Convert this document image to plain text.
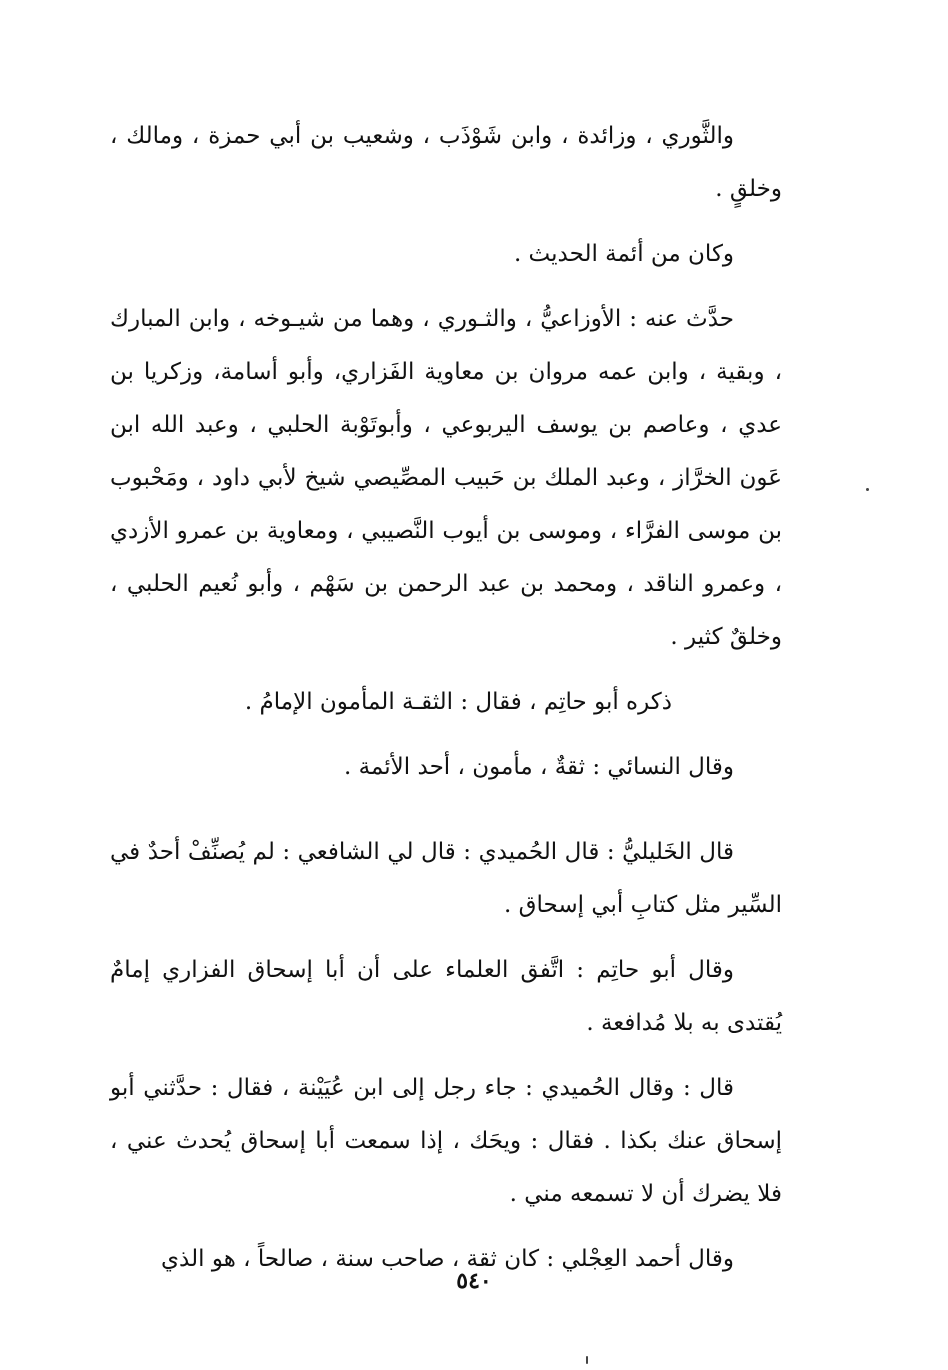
والثَّوري ، وزائدة ، وابن شَوْذَب ، وشعيب بن أبي حمزة ، ومالك ، وخلقٍ .

وكان من أئمة الحديث .

حدَّث عنه : الأوزاعيُّ ، والثـوري ، وهما من شيـوخه ، وابن المبارك ، وبقية ، وابن عمه مروان بن معاوية الفَزاري، وأبو أسامة، وزكريا بن عدي ، وعاصم بن يوسف اليربوعي ، وأبوتَوْبة الحلبي ، وعبد الله ابن عَون الخرَّاز ، وعبد الملك بن حَبيب المصِّيصي شيخ لأبي داود ، ومَحْبوب بن موسى الفرَّاء ، وموسى بن أيوب النَّصيبي ، ومعاوية بن عمرو الأزدي ، وعمرو الناقد ، ومحمد بن عبد الرحمن بن سَهْم ، وأبو نُعيم الحلبي ، وخلقٌ كثير .

ذكره أبو حاتِم ، فقال : الثقـة المأمون الإمامُ .

وقال النسائي : ثقةٌ ، مأمون ، أحد الأئمة .

قال الخَليليُّ : قال الحُميدي : قال لي الشافعي : لم يُصنِّفْ أحدٌ في السِّير مثل كتابِ أبي إسحاق .

وقال أبو حاتِم : اتَّفق العلماء على أن أبا إسحاق الفزاري إمامٌ يُقتدى به بلا مُدافعة .

قال : وقال الحُميدي : جاء رجل إلى ابن عُيَيْنة ، فقال : حدَّثني أبو إسحاق عنك بكذا . فقال : ويحَك ، إذا سمعت أبا إسحاق يُحدث عني ، فلا يضرك أن لا تسمعه مني .

وقال أحمد العِجْلي : كان ثقة ، صاحب سنة ، صالحاً ، هو الذي

٥٤٠
